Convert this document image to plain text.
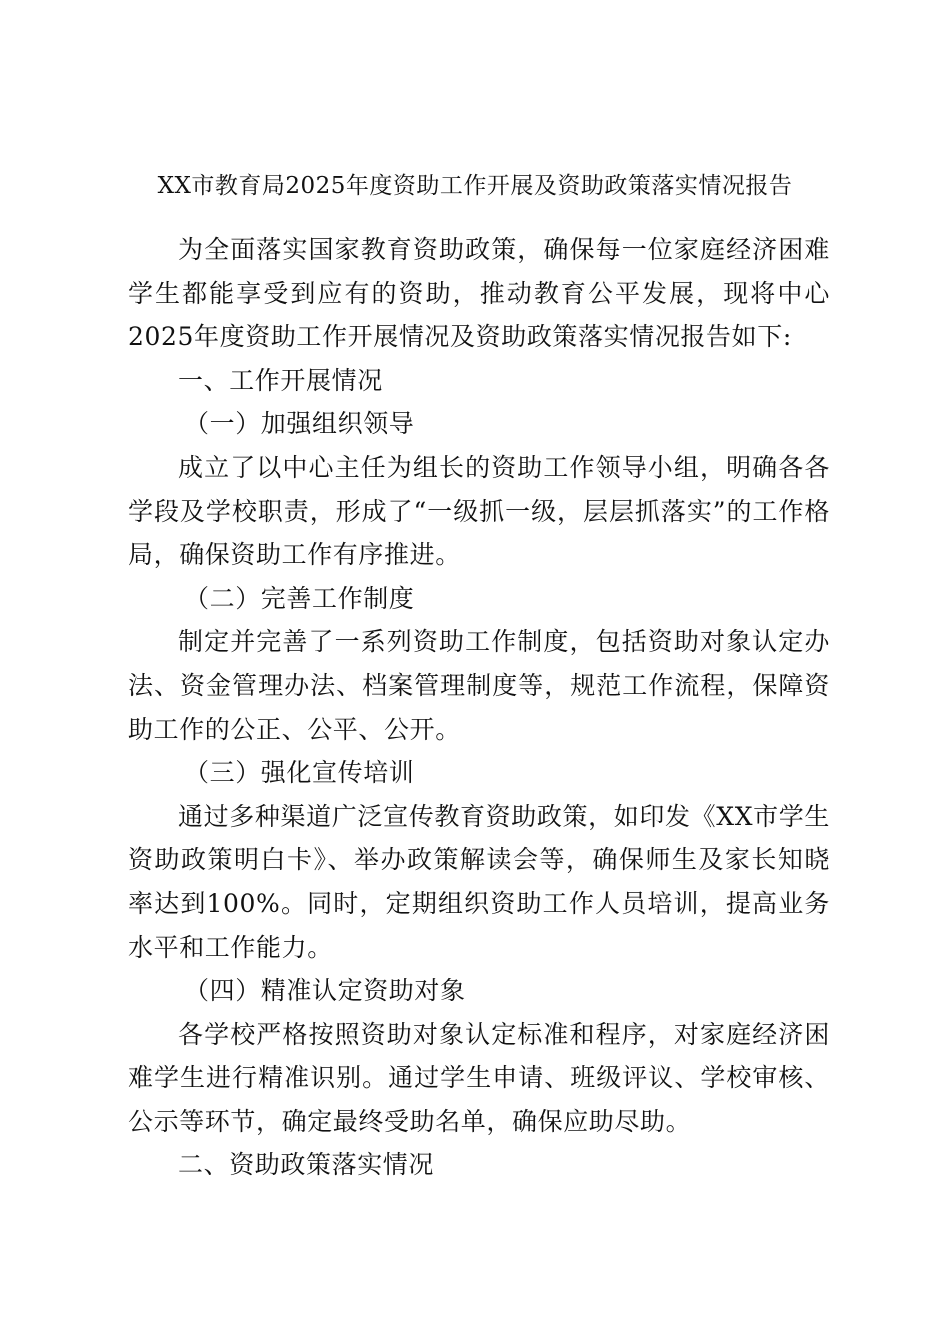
XX市教育局2025年度资助工作开展及资助政策落实情况报告

为全面落实国家教育资助政策，确保每一位家庭经济困难学生都能享受到应有的资助，推动教育公平发展，现将中心2025年度资助工作开展情况及资助政策落实情况报告如下:

一、工作开展情况

（一）加强组织领导

成立了以中心主任为组长的资助工作领导小组，明确各各学段及学校职责，形成了“一级抓一级，层层抓落实”的工作格局，确保资助工作有序推进。

（二）完善工作制度

制定并完善了一系列资助工作制度，包括资助对象认定办法、资金管理办法、档案管理制度等，规范工作流程，保障资助工作的公正、公平、公开。

（三）强化宣传培训

通过多种渠道广泛宣传教育资助政策，如印发《XX市学生资助政策明白卡》、举办政策解读会等，确保师生及家长知晓率达到100%。同时，定期组织资助工作人员培训，提高业务水平和工作能力。

（四）精准认定资助对象

各学校严格按照资助对象认定标准和程序，对家庭经济困难学生进行精准识别。通过学生申请、班级评议、学校审核、公示等环节，确定最终受助名单，确保应助尽助。

二、资助政策落实情况
